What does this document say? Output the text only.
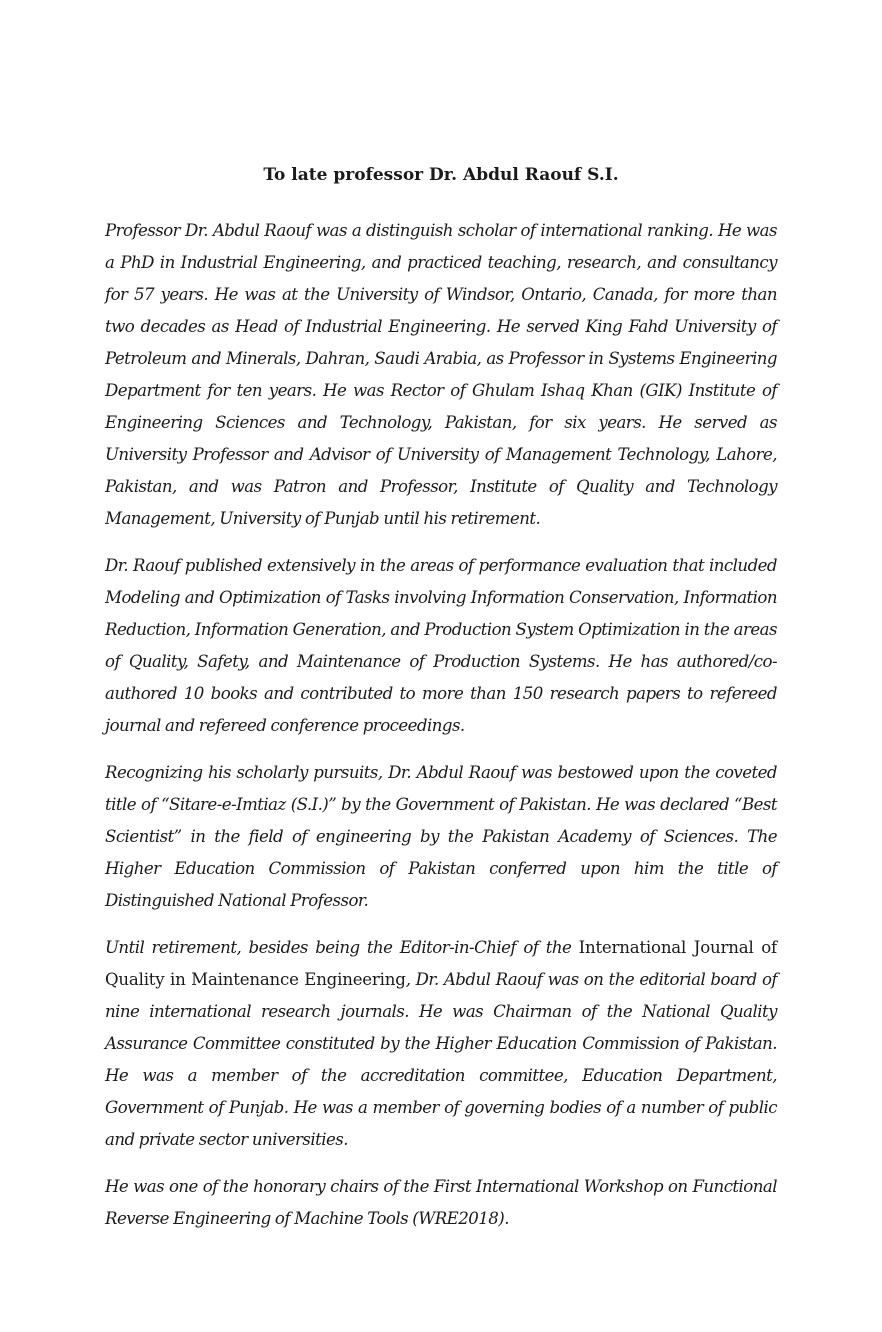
To late professor Dr. Abdul Raouf S.I.

Professor Dr. Abdul Raouf was a distinguish scholar of international ranking. He was a PhD in Industrial Engineering, and practiced teaching, research, and consultancy for 57 years. He was at the University of Windsor, Ontario, Canada, for more than two decades as Head of Industrial Engineering. He served King Fahd University of Petroleum and Minerals, Dahran, Saudi Arabia, as Professor in Systems Engineering Department for ten years. He was Rector of Ghulam Ishaq Khan (GIK) Institute of Engineering Sciences and Technology, Pakistan, for six years. He served as University Professor and Advisor of University of Management Technology, Lahore, Pakistan, and was Patron and Professor, Institute of Quality and Technology Management, University of Punjab until his retirement.

Dr. Raouf published extensively in the areas of performance evaluation that included Modeling and Optimization of Tasks involving Information Conservation, Information Reduction, Information Generation, and Production System Optimization in the areas of Quality, Safety, and Maintenance of Production Systems. He has authored/co-authored 10 books and contributed to more than 150 research papers to refereed journal and refereed conference proceedings.

Recognizing his scholarly pursuits, Dr. Abdul Raouf was bestowed upon the coveted title of “Sitare-e-Imtiaz (S.I.)” by the Government of Pakistan. He was declared “Best Scientist” in the field of engineering by the Pakistan Academy of Sciences. The Higher Education Commission of Pakistan conferred upon him the title of Distinguished National Professor.

Until retirement, besides being the Editor-in-Chief of the International Journal of Quality in Maintenance Engineering, Dr. Abdul Raouf was on the editorial board of nine international research journals. He was Chairman of the National Quality Assurance Committee constituted by the Higher Education Commission of Pakistan. He was a member of the accreditation committee, Education Department, Government of Punjab. He was a member of governing bodies of a number of public and private sector universities.

He was one of the honorary chairs of the First International Workshop on Functional Reverse Engineering of Machine Tools (WRE2018).
